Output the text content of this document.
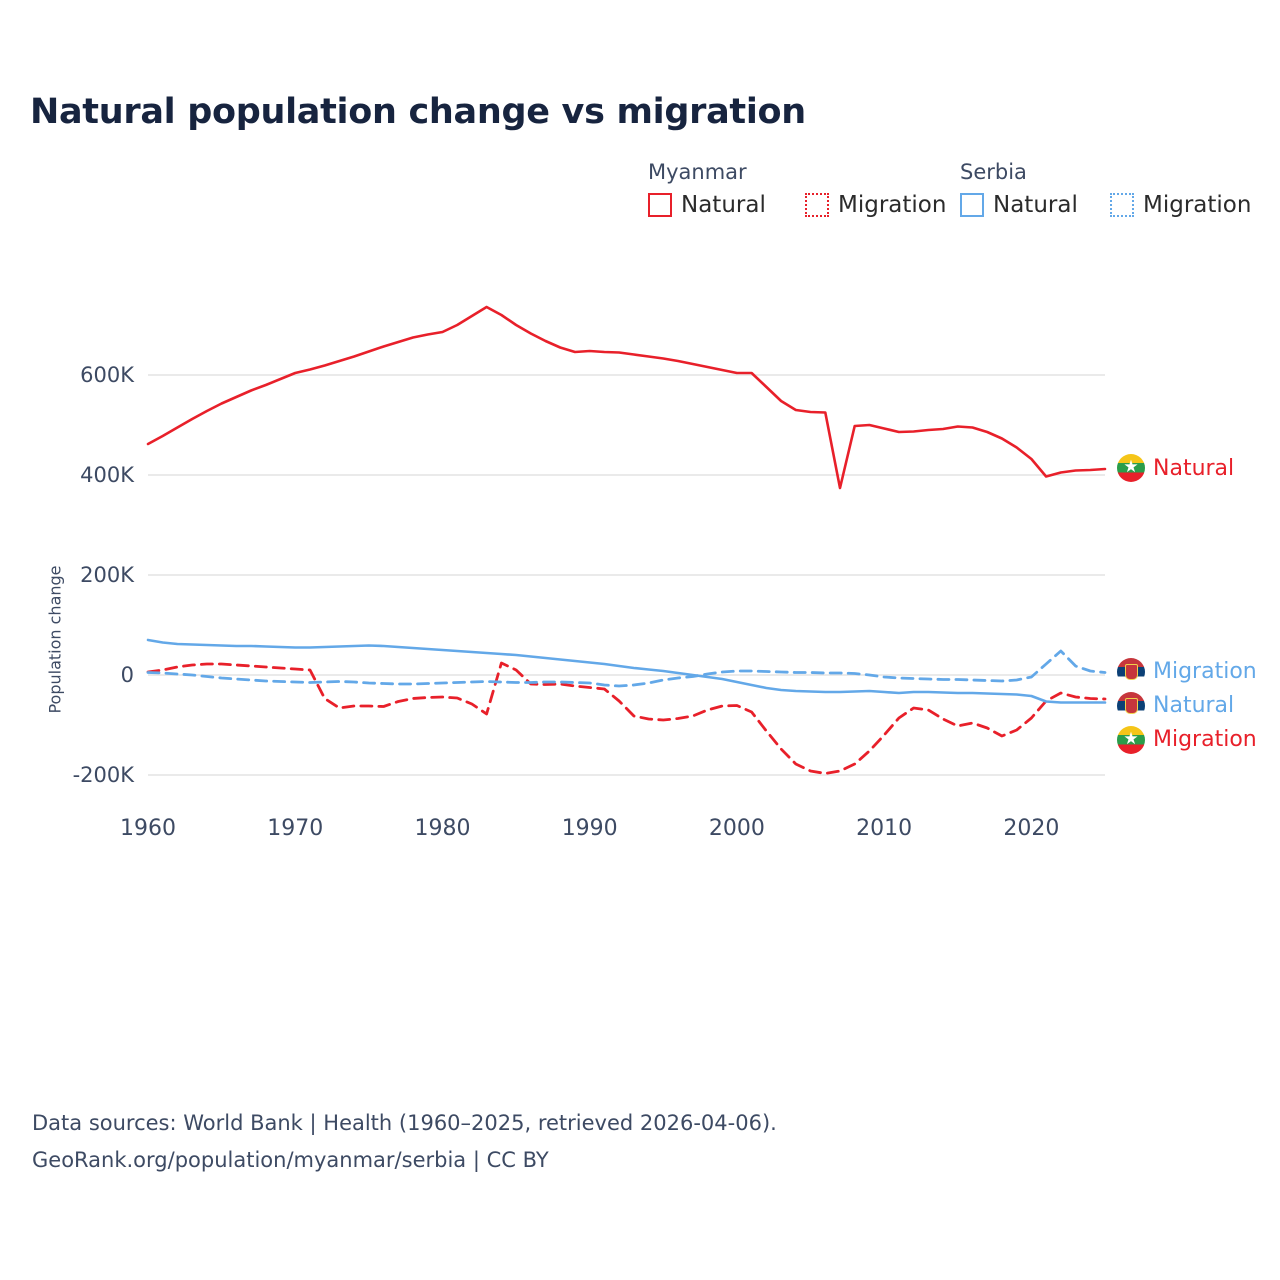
Natural population change vs migration
Myanmar	Serbia
Natural	Migration Natural	Migration
Population change
-200K
0
200K
400K
600K
1960	1970	1980	1990	2000	2010	2020
★
Natural
Migration
Natural
★
Migration
Data sources: World Bank | Health (1960–2025, retrieved 2026-04-06).
GeoRank.org/population/myanmar/serbia | CC BY
